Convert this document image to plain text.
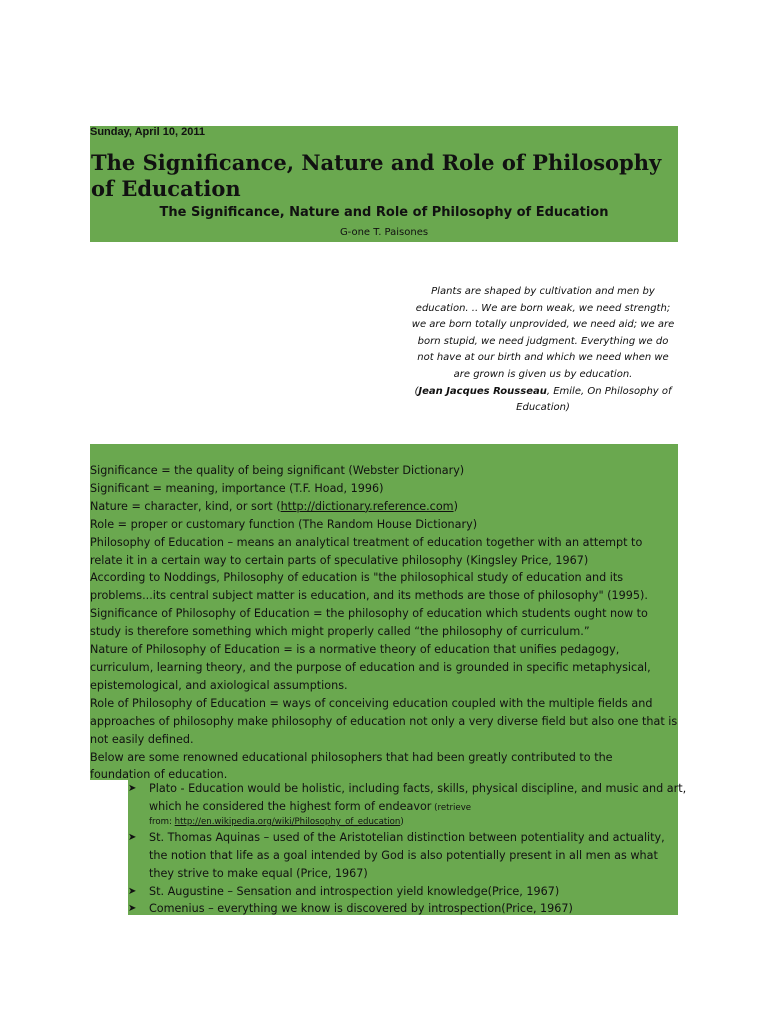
Sunday, April 10, 2011
The Significance, Nature and Role of Philosophy
of Education
The Significance, Nature and Role of Philosophy of Education
G-one T. Paisones
Plants are shaped by cultivation and men by
education. .. We are born weak, we need strength;
we are born totally unprovided, we need aid; we are
born stupid, we need judgment. Everything we do
not have at our birth and which we need when we
are grown is given us by education.
(Jean Jacques Rousseau, Emile, On Philosophy of
Education)
Significance = the quality of being significant (Webster Dictionary)
Significant = meaning, importance (T.F. Hoad, 1996)
Nature = character, kind, or sort (http://dictionary.reference.com)
Role = proper or customary function (The Random House Dictionary)
Philosophy of Education – means an analytical treatment of education together with an attempt to
relate it in a certain way to certain parts of speculative philosophy (Kingsley Price, 1967)
According to Noddings, Philosophy of education is "the philosophical study of education and its
problems...its central subject matter is education, and its methods are those of philosophy" (1995).
Significance of Philosophy of Education = the philosophy of education which students ought now to
study is therefore something which might properly called “the philosophy of curriculum.”
Nature of Philosophy of Education = is a normative theory of education that unifies pedagogy,
curriculum, learning theory, and the purpose of education and is grounded in specific metaphysical,
epistemological, and axiological assumptions.
Role of Philosophy of Education = ways of conceiving education coupled with the multiple fields and
approaches of philosophy make philosophy of education not only a very diverse field but also one that is
not easily defined.
Below are some renowned educational philosophers that had been greatly contributed to the
foundation of education.
➤ Plato - Education would be holistic, including facts, skills, physical discipline, and music and art,
which he considered the highest form of endeavor (retrieve
from: http://en.wikipedia.org/wiki/Philosophy_of_education)
➤ St. Thomas Aquinas – used of the Aristotelian distinction between potentiality and actuality,
the notion that life as a goal intended by God is also potentially present in all men as what
they strive to make equal (Price, 1967)
➤ St. Augustine – Sensation and introspection yield knowledge(Price, 1967)
➤ Comenius – everything we know is discovered by introspection(Price, 1967)
